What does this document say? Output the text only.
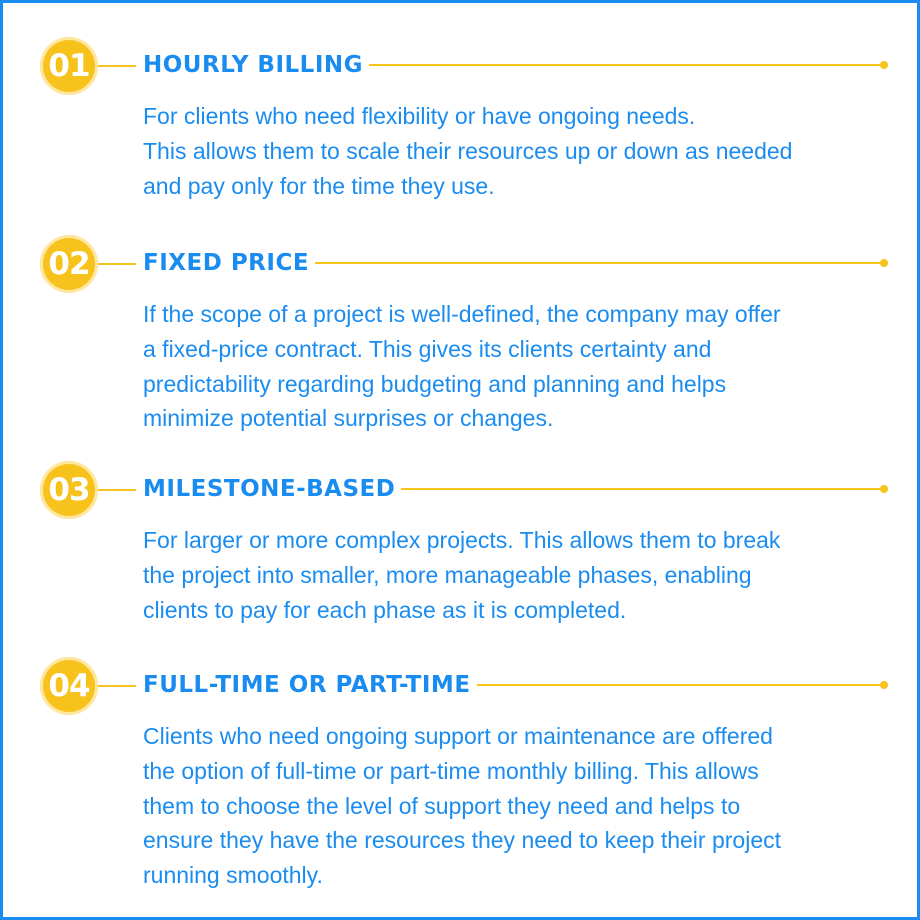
01	HOURLY BILLING

For clients who need flexibility or have ongoing needs.
This allows them to scale their resources up or down as needed
and pay only for the time they use.

02	FIXED PRICE

If the scope of a project is well-defined, the company may offer
a fixed-price contract. This gives its clients certainty and
predictability regarding budgeting and planning and helps
minimize potential surprises or changes.

03	MILESTONE-BASED

For larger or more complex projects. This allows them to break
the project into smaller, more manageable phases, enabling
clients to pay for each phase as it is completed.

04	FULL-TIME OR PART-TIME

Clients who need ongoing support or maintenance are offered
the option of full-time or part-time monthly billing. This allows
them to choose the level of support they need and helps to
ensure they have the resources they need to keep their project
running smoothly.
